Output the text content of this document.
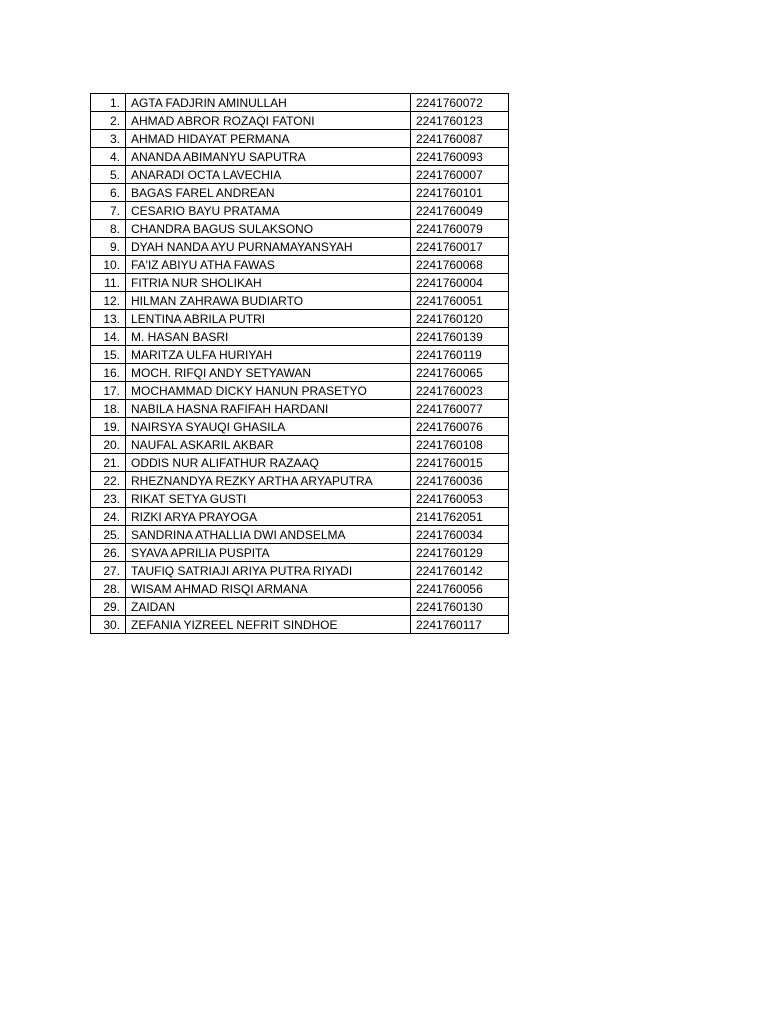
1.	AGTA FADJRIN AMINULLAH	2241760072
2.	AHMAD ABROR ROZAQI FATONI	2241760123
3.	AHMAD HIDAYAT PERMANA	2241760087
4.	ANANDA ABIMANYU SAPUTRA	2241760093
5.	ANARADI OCTA LAVECHIA	2241760007
6.	BAGAS FAREL ANDREAN	2241760101
7.	CESARIO BAYU PRATAMA	2241760049
8.	CHANDRA BAGUS SULAKSONO	2241760079
9.	DYAH NANDA AYU PURNAMAYANSYAH	2241760017
10.	FA'IZ ABIYU ATHA FAWAS	2241760068
11.	FITRIA NUR SHOLIKAH	2241760004
12.	HILMAN ZAHRAWA BUDIARTO	2241760051
13.	LENTINA ABRILA PUTRI	2241760120
14.	M. HASAN BASRI	2241760139
15.	MARITZA ULFA HURIYAH	2241760119
16.	MOCH. RIFQI ANDY SETYAWAN	2241760065
17.	MOCHAMMAD DICKY HANUN PRASETYO	2241760023
18.	NABILA HASNA RAFIFAH HARDANI	2241760077
19.	NAIRSYA SYAUQI GHASILA	2241760076
20.	NAUFAL ASKARIL AKBAR	2241760108
21.	ODDIS NUR ALIFATHUR RAZAAQ	2241760015
22.	RHEZNANDYA REZKY ARTHA ARYAPUTRA	2241760036
23.	RIKAT SETYA GUSTI	2241760053
24.	RIZKI ARYA PRAYOGA	2141762051
25.	SANDRINA ATHALLIA DWI ANDSELMA	2241760034
26.	SYAVA APRILIA PUSPITA	2241760129
27.	TAUFIQ SATRIAJI ARIYA PUTRA RIYADI	2241760142
28.	WISAM AHMAD RISQI ARMANA	2241760056
29.	ZAIDAN	2241760130
30.	ZEFANIA YIZREEL NEFRIT SINDHOE	2241760117
